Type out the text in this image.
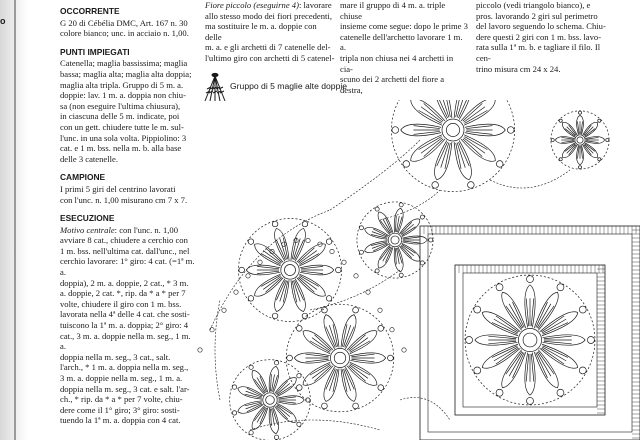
o

OCCORRENTE

G 20 di Cébélia DMC, Art. 167 n. 30

colore bianco; unc. in acciaio n. 1,00.

PUNTI IMPIEGATI

Catenella; maglia bassissima; maglia

bassa; maglia alta; maglia alta doppia;

maglia alta tripla. Gruppo di 5 m. a.

doppie: lav. 1 m. a. doppia non chiu-

sa (non eseguire l'ultima chiusura),

in ciascuna delle 5 m. indicate, poi

con un gett. chiudere tutte le m. sul-

l'unc. in una sola volta. Pippiolino: 3

cat. e 1 m. bss. nella m. b. alla base

delle 3 catenelle.

CAMPIONE

I primi 5 giri del centrino lavorati

con l'unc. n. 1,00 misurano cm 7 x 7.

ESECUZIONE

Motivo centrale: con l'unc. n. 1,00

avviare 8 cat., chiudere a cerchio con

1 m. bss. nell'ultima cat. dall'unc., nel

cerchio lavorare: 1° giro: 4 cat. (=1ª m. a.

doppia), 2 m. a. doppie, 2 cat., * 3 m.

a. doppie, 2 cat. *, rip. da * a * per 7

volte, chiudere il giro con 1 m. bss.

lavorata nella 4ª delle 4 cat. che sosti-

tuiscono la 1ª m. a. doppia; 2° giro: 4

cat., 3 m. a. doppie nella m. seg., 1 m. a.

doppia nella m. seg., 3 cat., salt.

l'arch., * 1 m. a. doppia nella m. seg.,

3 m. a. doppie nella m. seg., 1 m. a.

doppia nella m. seg., 3 cat. e salt. l'ar-

ch., * rip. da * a * per 7 volte, chiu-

dere come il 1° giro; 3° giro: sosti-

tuendo la 1ª m. a. doppia con 4 cat.

Fiore piccolo (eseguirne 4): lavorare

allo stesso modo dei fiori precedenti,

ma sostituire le m. a. doppie con delle

m. a. e gli archetti di 7 catenelle del-

l'ultimo giro con archetti di 5 catenel-

mare il gruppo di 4 m. a. triple chiuse

insieme come segue: dopo le prime 3

catenelle dell'archetto lavorare 1 m. a.

tripla non chiusa nei 4 archetti in cia-

scuno dei 2 archetti del fiore a destra,

piccolo (vedi triangolo bianco), e

pros. lavorando 2 giri sul perimetro

del lavoro seguendo lo schema. Chiu-

dere questi 2 giri con 1 m. bss. lavo-

rata sulla 1ª m. b. e tagliare il filo. Il cen-

trino misura cm 24 x 24.

Gruppo di 5 maglie alte doppie
